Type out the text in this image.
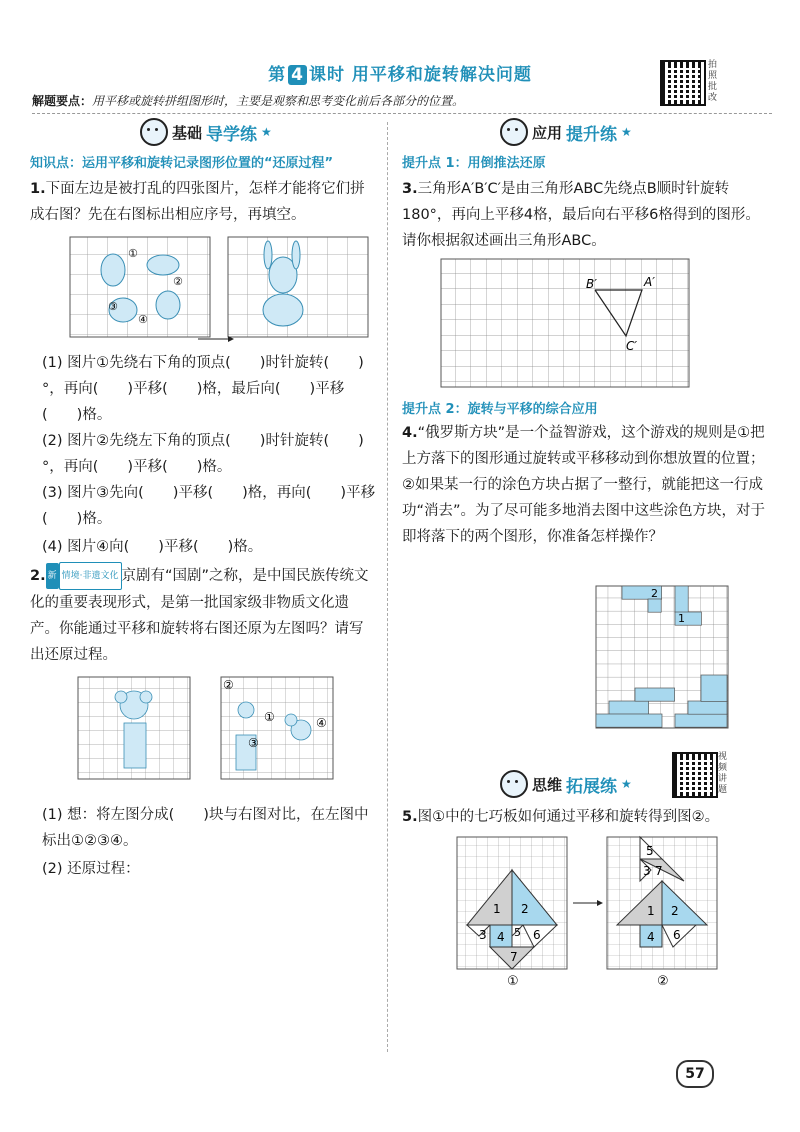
第 4 课时 用平移和旋转解决问题	拍照批改
解题要点：用平移或旋转拼组图形时，主要是观察和思考变化前后各部分的位置。
基础 导学练 ★
知识点：运用平移和旋转记录图形位置的“还原过程”
1.下面左边是被打乱的四张图片，怎样才能将它们拼成右图？先在右图标出相应序号，再填空。
①
②
③
④
(1) 图片①先绕右下角的顶点(　　)时针旋转(　　)°，再向(　　)平移(　　)格，最后向(　　)平移(　　)格。
(2) 图片②先绕左下角的顶点(　　)时针旋转(　　)°，再向(　　)平移(　　)格。
(3) 图片③先向(　　)平移(　　)格，再向(　　)平移(　　)格。
(4) 图片④向(　　)平移(　　)格。
2. 新 情境·非遗文化 京剧有“国剧”之称，是中国民族传统文化的重要表现形式，是第一批国家级非物质文化遗产。你能通过平移和旋转将右图还原为左图吗？请写出还原过程。
②
③
①	④
(1) 想：将左图分成(　　)块与右图对比，在左图中标出①②③④。
(2) 还原过程：
应用 提升练 ★
提升点 1：用倒推法还原
3.三角形A′B′C′是由三角形ABC先绕点B顺时针旋转180°，再向上平移4格，最后向右平移6格得到的图形。请你根据叙述画出三角形ABC。
B′	A′
C′
提升点 2：旋转与平移的综合应用
4.“俄罗斯方块”是一个益智游戏，这个游戏的规则是①把上方落下的图形通过旋转或平移移动到你想放置的位置；②如果某一行的涂色方块占据了一整行，就能把这一行成功“消去”。为了尽可能多地消去图中这些涂色方块，对于即将落下的两个图形，你准备怎样操作？
2
1
思维 拓展练 ★
视频讲题
5.图①中的七巧板如何通过平移和旋转得到图②。
1 2
3 4 5 6
7
①
5
3 7
1 2
4 6
②
57
